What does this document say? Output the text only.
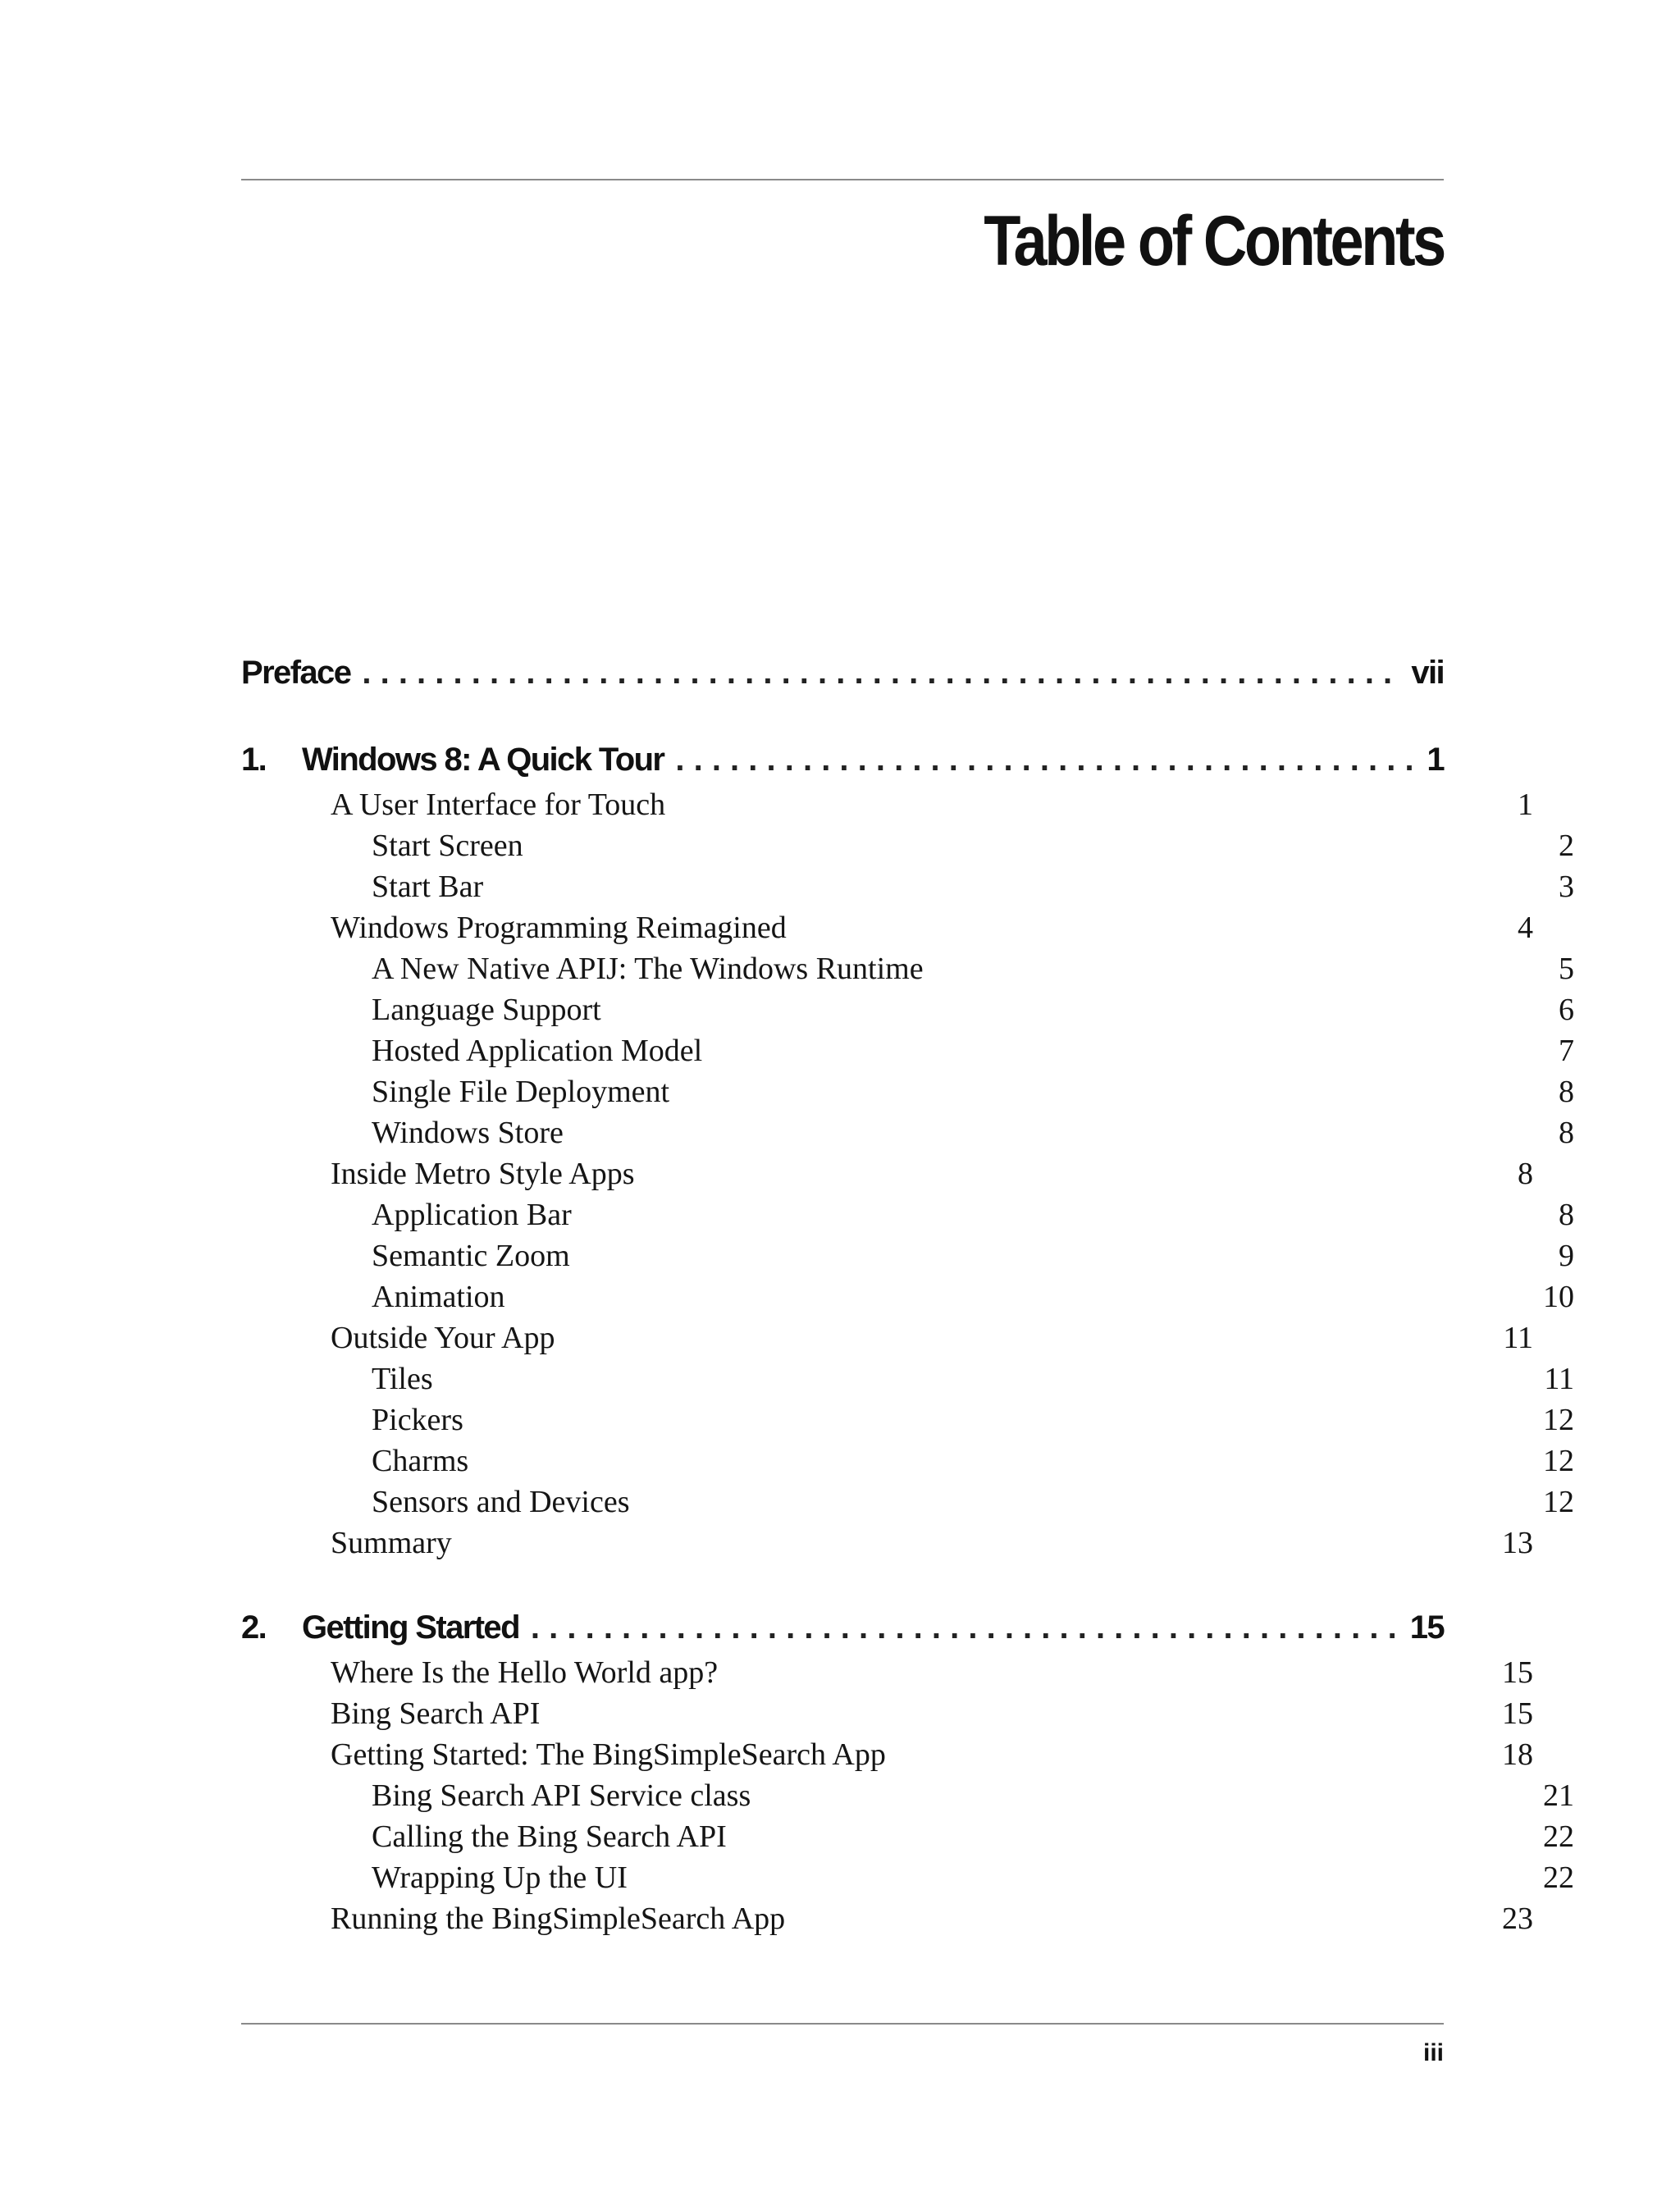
Table of Contents
Preface . . .	vii
1.	Windows 8: A Quick Tour . . .	1
A User Interface for Touch	1
Start Screen	2
Start Bar	3
Windows Programming Reimagined	4
A New Native APIJ: The Windows Runtime	5
Language Support	6
Hosted Application Model	7
Single File Deployment	8
Windows Store	8
Inside Metro Style Apps	8
Application Bar	8
Semantic Zoom	9
Animation	10
Outside Your App	11
Tiles	11
Pickers	12
Charms	12
Sensors and Devices	12
Summary	13
2.	Getting Started . . .	15
Where Is the Hello World app?	15
Bing Search API	15
Getting Started: The BingSimpleSearch App	18
Bing Search API Service class	21
Calling the Bing Search API	22
Wrapping Up the UI	22
Running the BingSimpleSearch App	23
iii
